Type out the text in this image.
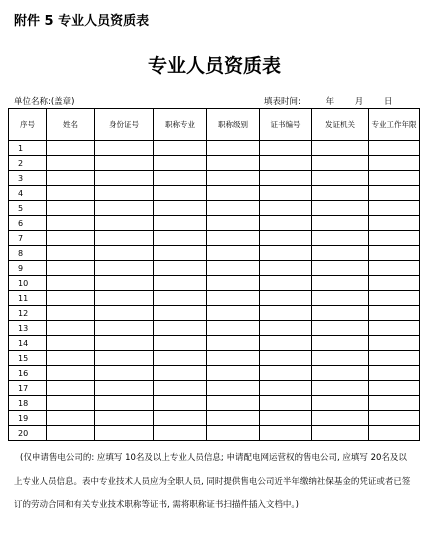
附件 5 专业人员资质表
专业人员资质表
单位名称:(盖章)	填表时间:	年 月 日
序号	姓名	身份证号	职称专业	职称级别	证书编号	发证机关	专业工作年限
1							
2							
3							
4							
5							
6							
7							
8							
9							
10							
11							
12							
13							
14							
15							
16							
17							
18							
19							
20							
(仅申请售电公司的: 应填写 10名及以上专业人员信息; 申请配电网运营权的售电公司, 应填写 20名及以上专业人员信息。表中专业技术人员应为全职人员, 同时提供售电公司近半年缴纳社保基金的凭证或者已签订的劳动合同和有关专业技术职称等证书, 需将职称证书扫描件插入文档中。)
